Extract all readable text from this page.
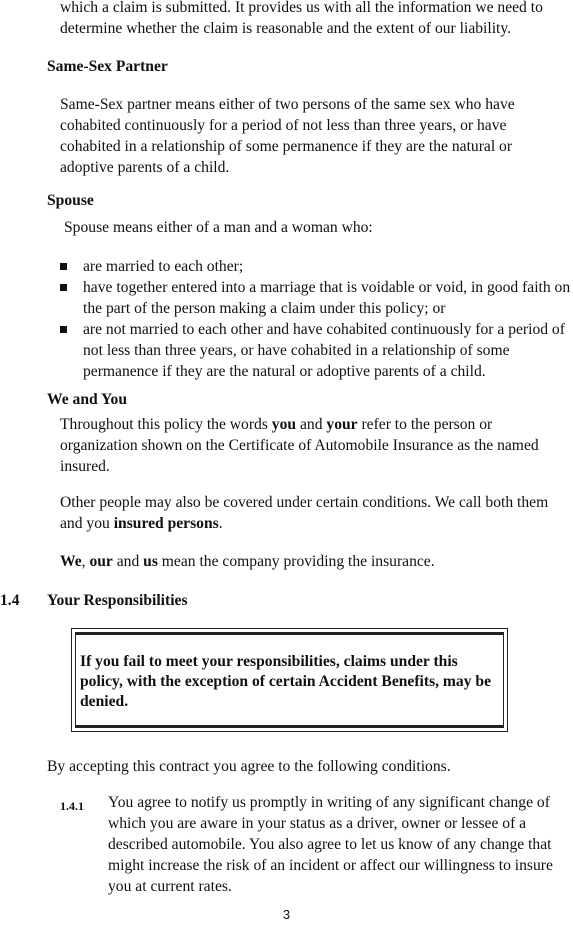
which a claim is submitted. It provides us with all the information we need to

determine whether the claim is reasonable and the extent of our liability.

Same-Sex Partner

Same-Sex partner means either of two persons of the same sex who have cohabited continuously for a period of not less than three years, or have cohabited in a relationship of some permanence if they are the natural or adoptive parents of a child.

Spouse

Spouse means either of a man and a woman who:

are married to each other;
have together entered into a marriage that is voidable or void, in good faith on the part of the person making a claim under this policy; or
are not married to each other and have cohabited continuously for a period of not less than three years, or have cohabited in a relationship of some permanence if they are the natural or adoptive parents of a child.
We and You

Throughout this policy the words you and your refer to the person or organization shown on the Certificate of Automobile Insurance as the named insured.

Other people may also be covered under certain conditions. We call both them and you insured persons.

We, our and us mean the company providing the insurance.

1.4 Your Responsibilities

If you fail to meet your responsibilities, claims under this policy, with the exception of certain Accident Benefits, may be denied.

By accepting this contract you agree to the following conditions.

1.4.1 You agree to notify us promptly in writing of any significant change of which you are aware in your status as a driver, owner or lessee of a described automobile. You also agree to let us know of any change that might increase the risk of an incident or affect our willingness to insure you at current rates.

3
